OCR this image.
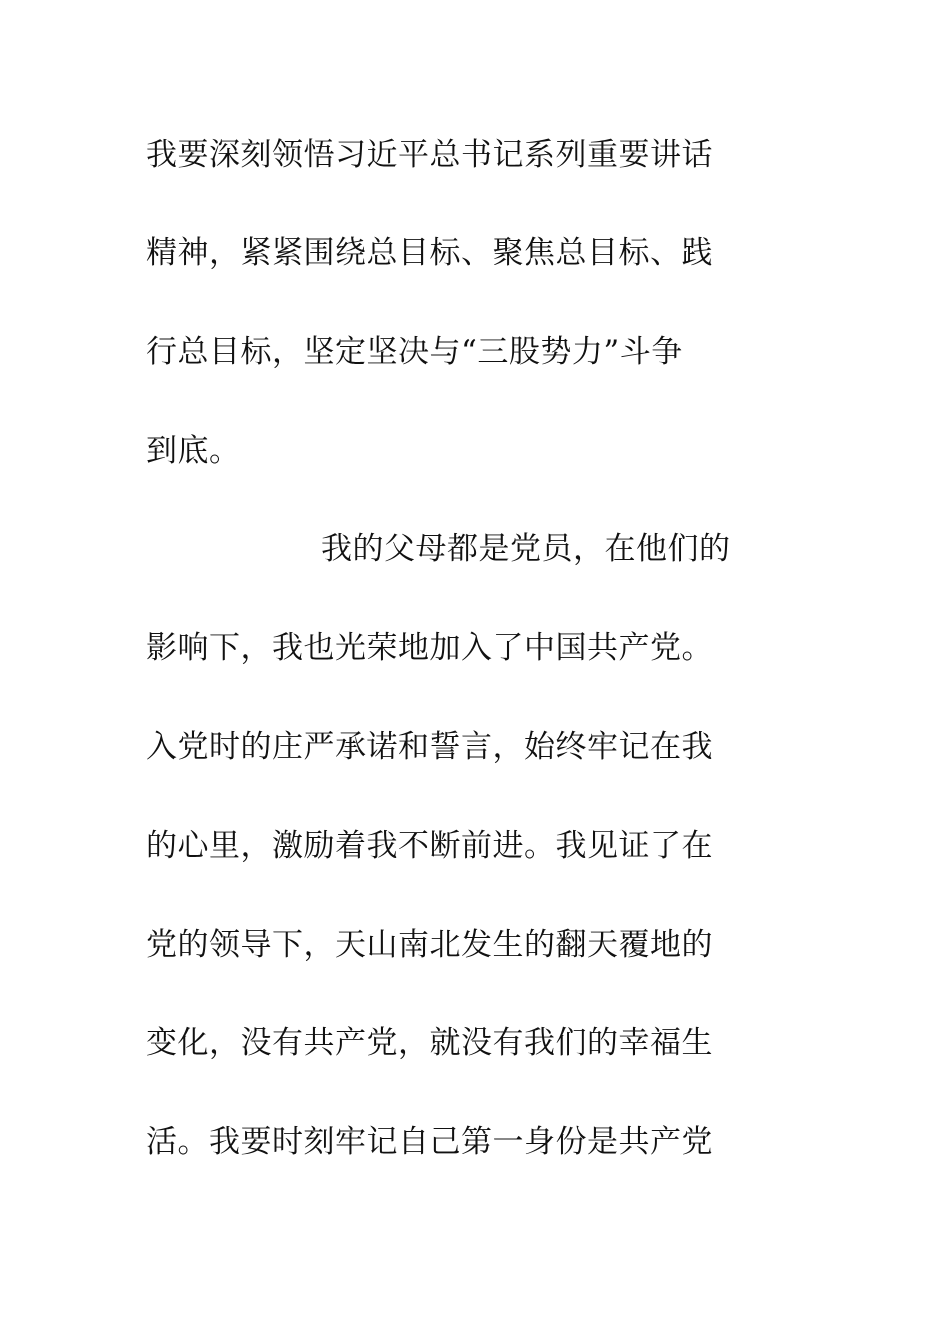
我要深刻领悟习近平总书记系列重要讲话
精神，紧紧围绕总目标、聚焦总目标、践
行总目标，坚定坚决与“三股势力”斗争
到底。
我的父母都是党员，在他们的
影响下，我也光荣地加入了中国共产党。
入党时的庄严承诺和誓言，始终牢记在我
的心里，激励着我不断前进。我见证了在
党的领导下，天山南北发生的翻天覆地的
变化，没有共产党，就没有我们的幸福生
活。我要时刻牢记自己第一身份是共产党
